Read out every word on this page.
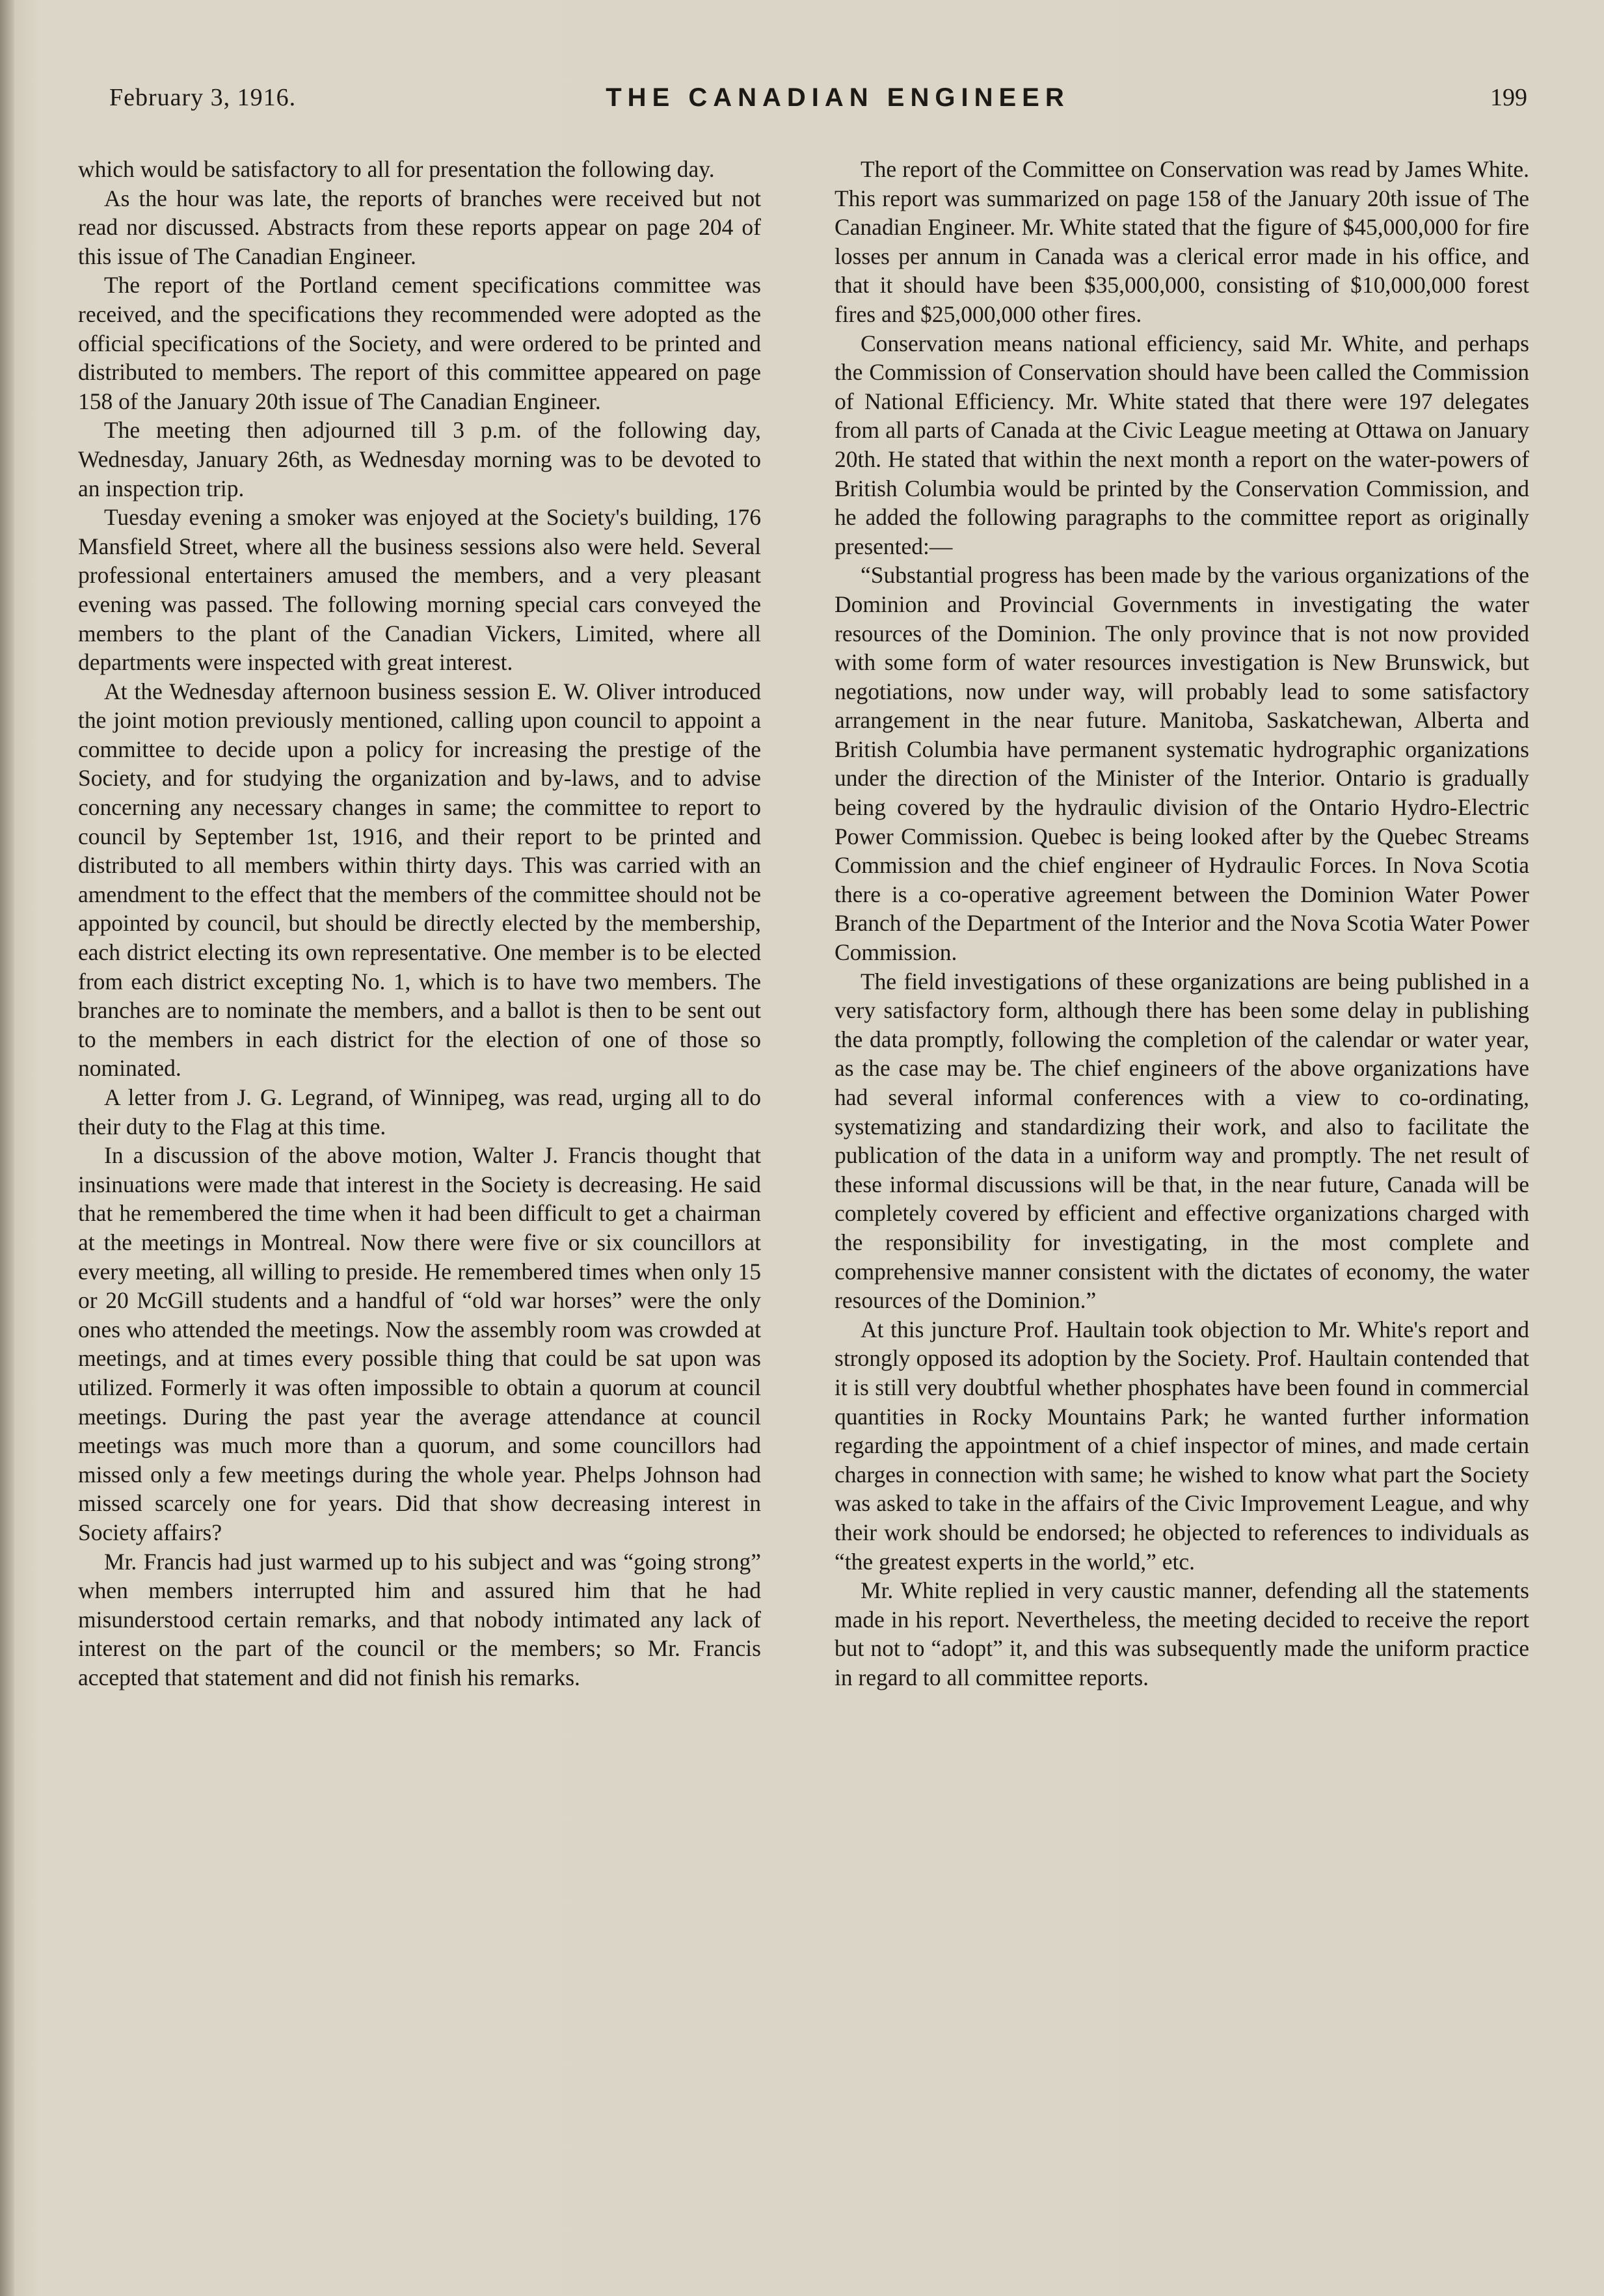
February 3, 1916.	THE CANADIAN ENGINEER	199

which would be satisfactory to all for presentation the following day.

As the hour was late, the reports of branches were received but not read nor discussed. Abstracts from these reports appear on page 204 of this issue of The Canadian Engineer.

The report of the Portland cement specifications committee was received, and the specifications they recommended were adopted as the official specifications of the Society, and were ordered to be printed and distributed to members. The report of this committee appeared on page 158 of the January 20th issue of The Canadian Engineer.

The meeting then adjourned till 3 p.m. of the following day, Wednesday, January 26th, as Wednesday morning was to be devoted to an inspection trip.

Tuesday evening a smoker was enjoyed at the Society's building, 176 Mansfield Street, where all the business sessions also were held. Several professional entertainers amused the members, and a very pleasant evening was passed. The following morning special cars conveyed the members to the plant of the Canadian Vickers, Limited, where all departments were inspected with great interest.

At the Wednesday afternoon business session E. W. Oliver introduced the joint motion previously mentioned, calling upon council to appoint a committee to decide upon a policy for increasing the prestige of the Society, and for studying the organization and by-laws, and to advise concerning any necessary changes in same; the committee to report to council by September 1st, 1916, and their report to be printed and distributed to all members within thirty days. This was carried with an amendment to the effect that the members of the committee should not be appointed by council, but should be directly elected by the membership, each district electing its own representative. One member is to be elected from each district excepting No. 1, which is to have two members. The branches are to nominate the members, and a ballot is then to be sent out to the members in each district for the election of one of those so nominated.

A letter from J. G. Legrand, of Winnipeg, was read, urging all to do their duty to the Flag at this time.

In a discussion of the above motion, Walter J. Francis thought that insinuations were made that interest in the Society is decreasing. He said that he remembered the time when it had been difficult to get a chairman at the meetings in Montreal. Now there were five or six councillors at every meeting, all willing to preside. He remembered times when only 15 or 20 McGill students and a handful of “old war horses” were the only ones who attended the meetings. Now the assembly room was crowded at meetings, and at times every possible thing that could be sat upon was utilized. Formerly it was often impossible to obtain a quorum at council meetings. During the past year the average attendance at council meetings was much more than a quorum, and some councillors had missed only a few meetings during the whole year. Phelps Johnson had missed scarcely one for years. Did that show decreasing interest in Society affairs?

Mr. Francis had just warmed up to his subject and was “going strong” when members interrupted him and assured him that he had misunderstood certain remarks, and that nobody intimated any lack of interest on the part of the council or the members; so Mr. Francis accepted that statement and did not finish his remarks.

The report of the Committee on Conservation was read by James White. This report was summarized on page 158 of the January 20th issue of The Canadian Engineer. Mr. White stated that the figure of $45,000,000 for fire losses per annum in Canada was a clerical error made in his office, and that it should have been $35,000,000, consisting of $10,000,000 forest fires and $25,000,000 other fires.

Conservation means national efficiency, said Mr. White, and perhaps the Commission of Conservation should have been called the Commission of National Efficiency. Mr. White stated that there were 197 delegates from all parts of Canada at the Civic League meeting at Ottawa on January 20th. He stated that within the next month a report on the water-powers of British Columbia would be printed by the Conservation Commission, and he added the following paragraphs to the committee report as originally presented:—

“Substantial progress has been made by the various organizations of the Dominion and Provincial Governments in investigating the water resources of the Dominion. The only province that is not now provided with some form of water resources investigation is New Brunswick, but negotiations, now under way, will probably lead to some satisfactory arrangement in the near future. Manitoba, Saskatchewan, Alberta and British Columbia have permanent systematic hydrographic organizations under the direction of the Minister of the Interior. Ontario is gradually being covered by the hydraulic division of the Ontario Hydro-Electric Power Commission. Quebec is being looked after by the Quebec Streams Commission and the chief engineer of Hydraulic Forces. In Nova Scotia there is a co-operative agreement between the Dominion Water Power Branch of the Department of the Interior and the Nova Scotia Water Power Commission.

The field investigations of these organizations are being published in a very satisfactory form, although there has been some delay in publishing the data promptly, following the completion of the calendar or water year, as the case may be. The chief engineers of the above organizations have had several informal conferences with a view to co-ordinating, systematizing and standardizing their work, and also to facilitate the publication of the data in a uniform way and promptly. The net result of these informal discussions will be that, in the near future, Canada will be completely covered by efficient and effective organizations charged with the responsibility for investigating, in the most complete and comprehensive manner consistent with the dictates of economy, the water resources of the Dominion.”

At this juncture Prof. Haultain took objection to Mr. White's report and strongly opposed its adoption by the Society. Prof. Haultain contended that it is still very doubtful whether phosphates have been found in commercial quantities in Rocky Mountains Park; he wanted further information regarding the appointment of a chief inspector of mines, and made certain charges in connection with same; he wished to know what part the Society was asked to take in the affairs of the Civic Improvement League, and why their work should be endorsed; he objected to references to individuals as “the greatest experts in the world,” etc.

Mr. White replied in very caustic manner, defending all the statements made in his report. Nevertheless, the meeting decided to receive the report but not to “adopt” it, and this was subsequently made the uniform practice in regard to all committee reports.
